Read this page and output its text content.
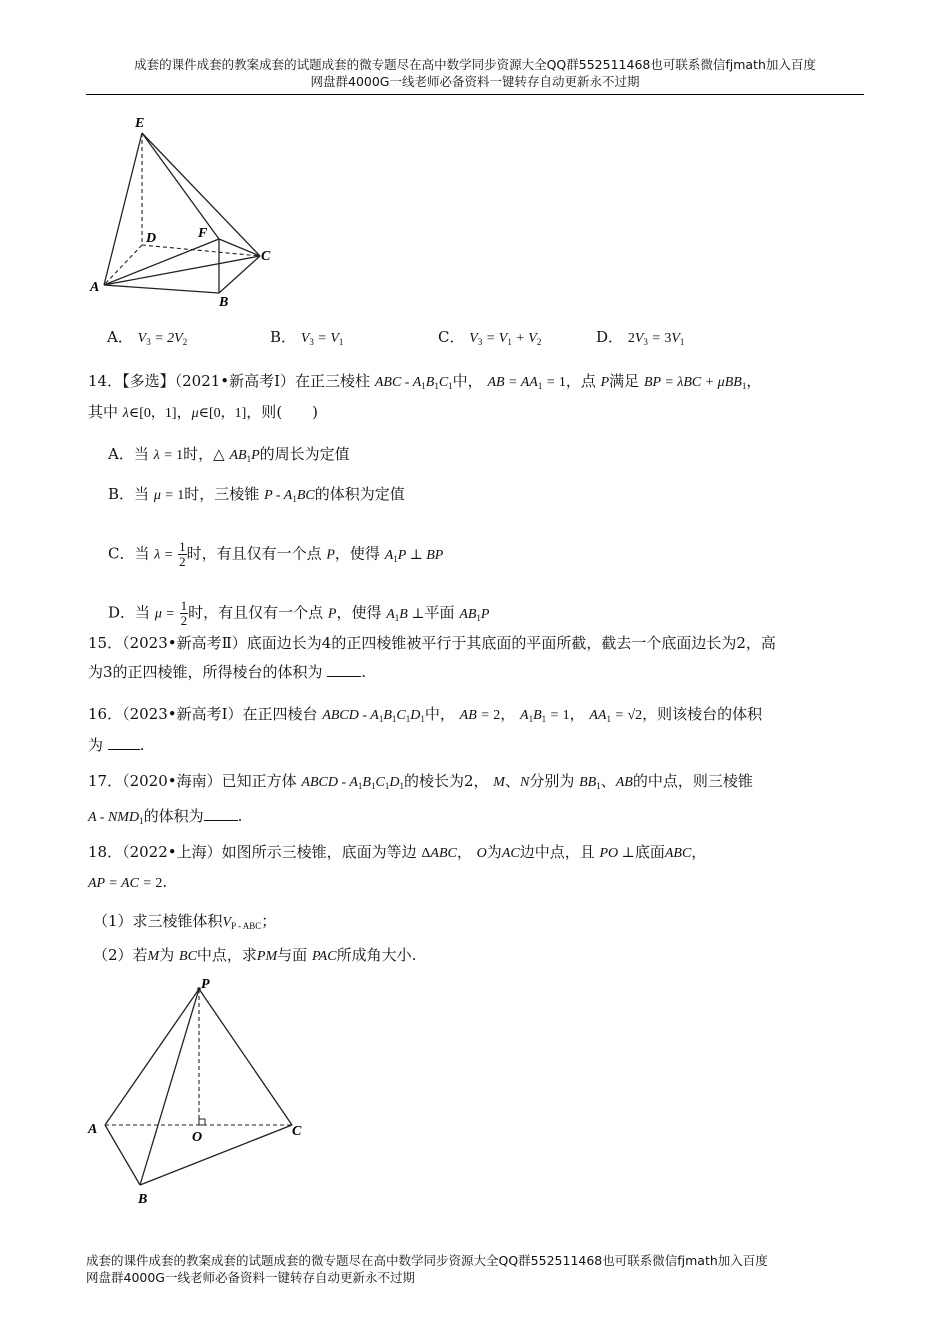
成套的课件成套的教案成套的试题成套的微专题尽在高中数学同步资源大全QQ群552511468也可联系微信fjmath加入百度
网盘群4000G一线老师必备资料一键转存自动更新永不过期
E
D	F
C
A
B
A． $V_3 = 2V_2$	B． $V_3 = V_1$	C． $V_3 = V_1 + V_2$	D． $2V_3 = 3V_1$
14．【多选】（2021•新高考Ⅰ）在正三棱柱 ABC - $A_1B_1C_1$中， AB = $AA_1 = 1$，点 P满足 BP = λBC + μBB$_1$，
其中 λ∈[0，1]，μ∈[0，1]，则(　　)
A．当 λ = 1时，△ $AB_1P$的周长为定值
B．当 μ = 1时，三棱锥 P - $A_1BC$的体积为定值
C．当 $\lambda = \frac{1}{2}$ 时，有且仅有一个点 P，使得 $A_1P$ ⊥ BP
D．当 $\mu = \frac{1}{2}$ 时，有且仅有一个点 P，使得 $A_1B$ ⊥平面 $AB_1P$
15．（2023•新高考Ⅱ）底面边长为4的正四棱锥被平行于其底面的平面所截，截去一个底面边长为2，高
为3的正四棱锥，所得棱台的体积为	.
16．（2023•新高考Ⅰ）在正四棱台 ABCD - $A_1B_1C_1D_1$中， AB = 2， $A_1B_1 = 1$， $AA_1 = √2$，则该棱台的体积
为 .
17．（2020•海南）已知正方体 ABCD - $A_1B_1C_1D_1$的棱长为2， M、N分别为 $BB_1$、AB的中点，则三棱锥
A - $NMD_1$的体积为 .
18．（2022•上海）如图所示三棱锥，底面为等边 ΔABC， O为AC边中点，且 PO ⊥底面ABC，
AP = AC = 2.
（1）求三棱锥体积$V_{P - ABC}$；
（2）若M为 BC中点，求PM与面 PAC所成角大小.
P
A
O	C
B
成套的课件成套的教案成套的试题成套的微专题尽在高中数学同步资源大全QQ群552511468也可联系微信fjmath加入百度
网盘群4000G一线老师必备资料一键转存自动更新永不过期
